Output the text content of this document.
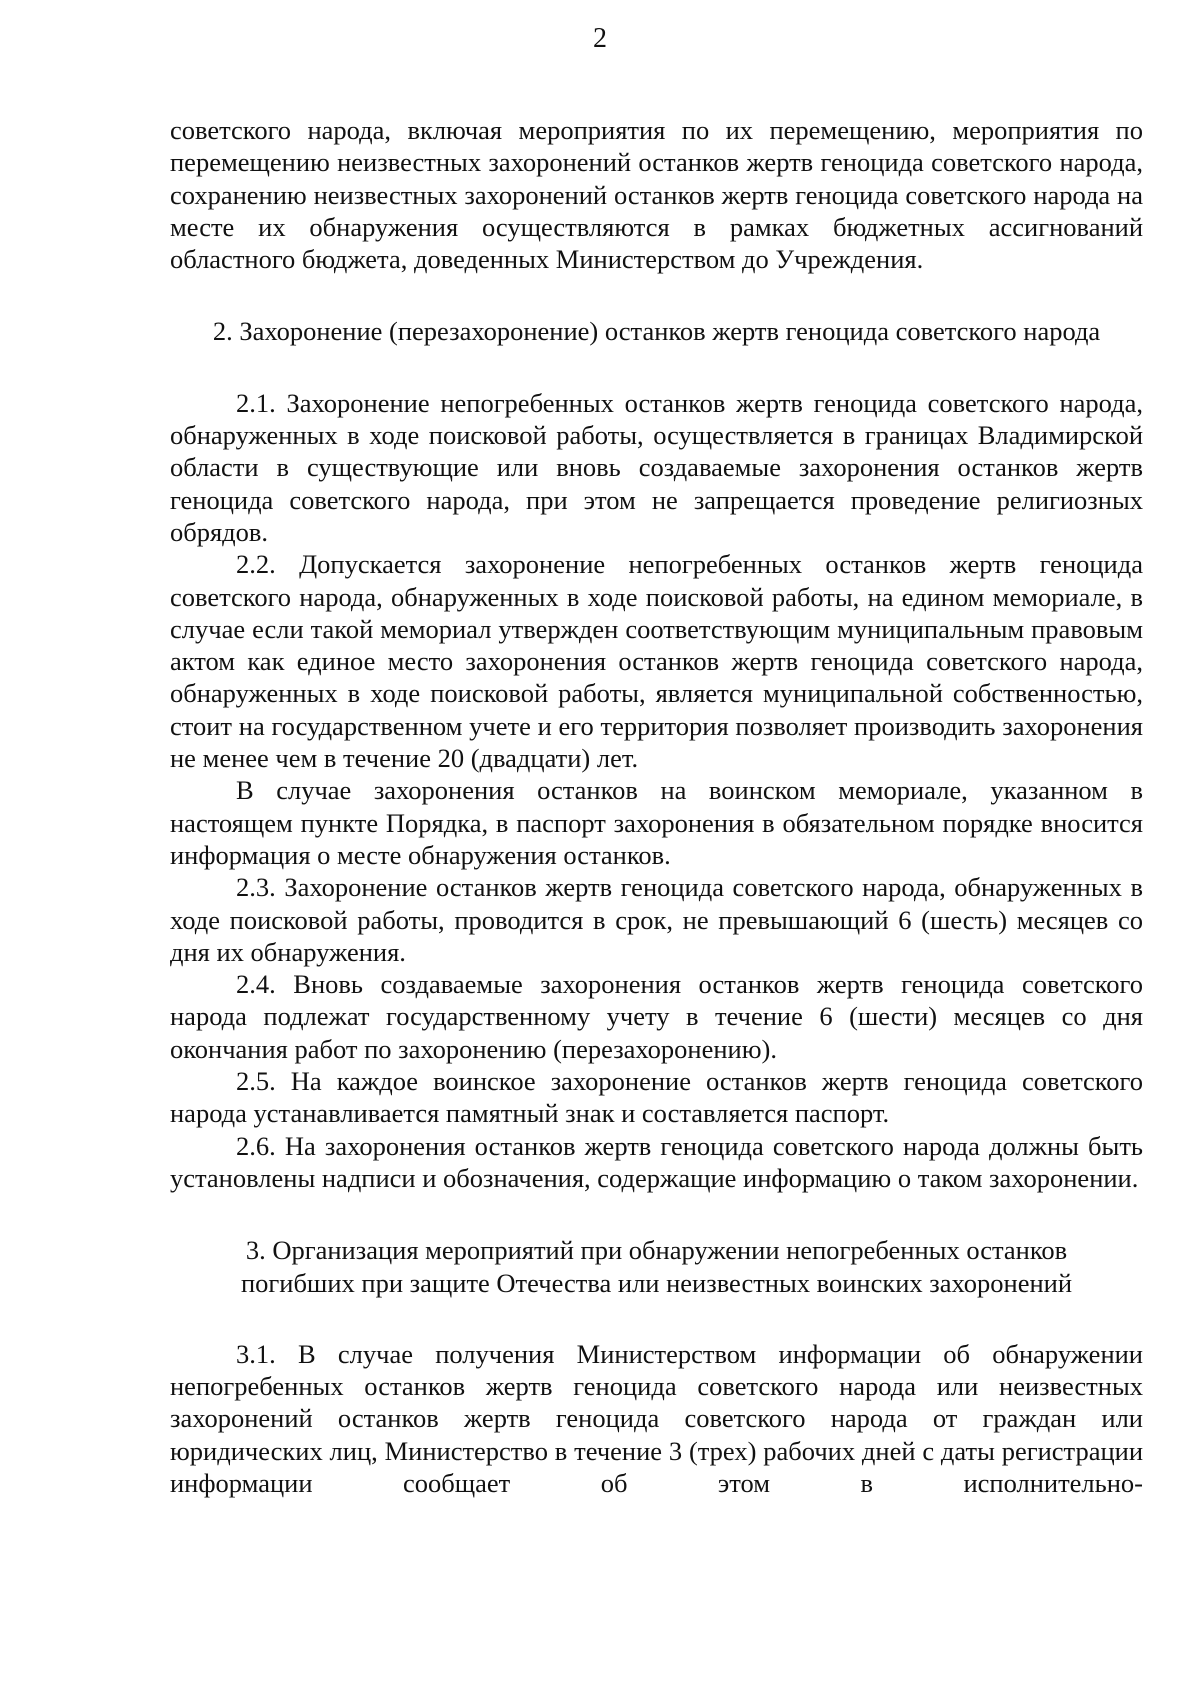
2

советского народа, включая мероприятия по их перемещению, мероприятия по перемещению неизвестных захоронений останков жертв геноцида советского народа, сохранению неизвестных захоронений останков жертв геноцида советского народа на месте их обнаружения осуществляются в рамках бюджетных ассигнований областного бюджета, доведенных Министерством до Учреждения.

2. Захоронение (перезахоронение) останков жертв геноцида советского народа

2.1. Захоронение непогребенных останков жертв геноцида советского народа, обнаруженных в ходе поисковой работы, осуществляется в границах Владимирской области в существующие или вновь создаваемые захоронения останков жертв геноцида советского народа, при этом не запрещается проведение религиозных обрядов.

2.2. Допускается захоронение непогребенных останков жертв геноцида советского народа, обнаруженных в ходе поисковой работы, на едином мемориале, в случае если такой мемориал утвержден соответствующим муниципальным правовым актом как единое место захоронения останков жертв геноцида советского народа, обнаруженных в ходе поисковой работы, является муниципальной собственностью, стоит на государственном учете и его территория позволяет производить захоронения не менее чем в течение 20 (двадцати) лет.

В случае захоронения останков на воинском мемориале, указанном в настоящем пункте Порядка, в паспорт захоронения в обязательном порядке вносится информация о месте обнаружения останков.

2.3. Захоронение останков жертв геноцида советского народа, обнаруженных в ходе поисковой работы, проводится в срок, не превышающий 6 (шесть) месяцев со дня их обнаружения.

2.4. Вновь создаваемые захоронения останков жертв геноцида советского народа подлежат государственному учету в течение 6 (шести) месяцев со дня окончания работ по захоронению (перезахоронению).

2.5. На каждое воинское захоронение останков жертв геноцида советского народа устанавливается памятный знак и составляется паспорт.

2.6. На захоронения останков жертв геноцида советского народа должны быть установлены надписи и обозначения, содержащие информацию о таком захоронении.

3. Организация мероприятий при обнаружении непогребенных останков

погибших при защите Отечества или неизвестных воинских захоронений

3.1. В случае получения Министерством информации об обнаружении непогребенных останков жертв геноцида советского народа или неизвестных захоронений останков жертв геноцида советского народа от граждан или юридических лиц, Министерство в течение 3 (трех) рабочих дней с даты регистрации информации сообщает об этом в исполнительно-
